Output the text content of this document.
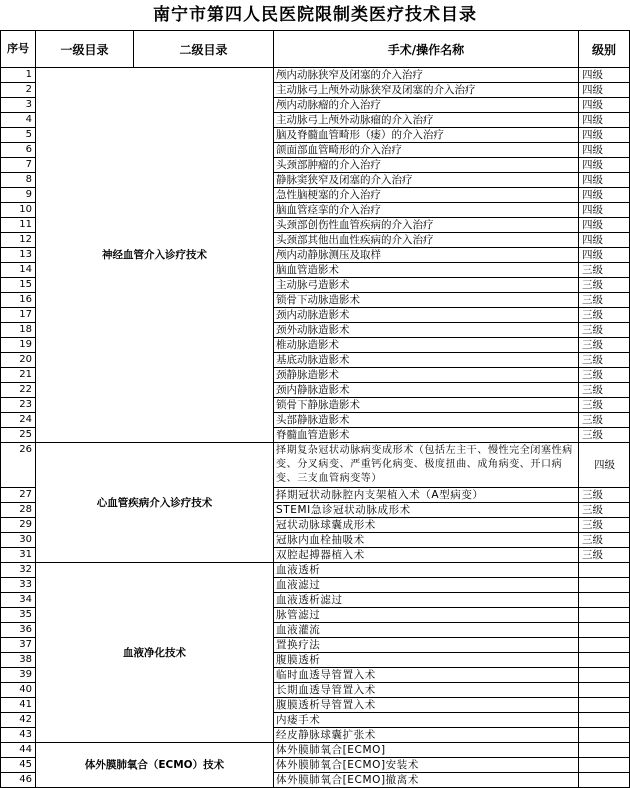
南宁市第四人民医院限制类医疗技术目录
序号	一级目录	二级目录	手术/操作名称	级别
1	神经血管介入诊疗技术		颅内动脉狭窄及闭塞的介入治疗	四级
2			主动脉弓上颅外动脉狭窄及闭塞的介入治疗	四级
3			颅内动脉瘤的介入治疗	四级
4			主动脉弓上颅外动脉瘤的介入治疗	四级
5			脑及脊髓血管畸形（瘘）的介入治疗	四级
6			颌面部血管畸形的介入治疗	四级
7			头颈部肿瘤的介入治疗	四级
8			静脉窦狭窄及闭塞的介入治疗	四级
9			急性脑梗塞的介入治疗	四级
10			脑血管痉挛的介入治疗	四级
11			头颈部创伤性血管疾病的介入治疗	四级
12			头颈部其他出血性疾病的介入治疗	四级
13			颅内动静脉测压及取样	四级
14			脑血管造影术	三级
15			主动脉弓造影术	三级
16			锁骨下动脉造影术	三级
17			颈内动脉造影术	三级
18			颈外动脉造影术	三级
19			椎动脉造影术	三级
20			基底动脉造影术	三级
21			颈静脉造影术	三级
22			颈内静脉造影术	三级
23			锁骨下静脉造影术	三级
24			头部静脉造影术	三级
25			脊髓血管造影术	三级
26	心血管疾病介入诊疗技术		择期复杂冠状动脉病变成形术（包括左主干、慢性完全闭塞性病变、分叉病变、严重钙化病变、极度扭曲、成角病变、开口病变、三支血管病变等）	四级
27			择期冠状动脉腔内支架植入术（A型病变）	三级
28			STEMI急诊冠状动脉成形术	三级
29			冠状动脉球囊成形术	三级
30			冠脉内血栓抽吸术	三级
31			双腔起搏器植入术	三级
32	血液净化技术		血液透析	
33			血液滤过	
34			血液透析滤过	
35			脉管滤过	
36			血液灌流	
37			置换疗法	
38			腹膜透析	
39			临时血透导管置入术	
40			长期血透导管置入术	
41			腹膜透析导管置入术	
42			内瘘手术	
43			经皮静脉球囊扩张术	
44	体外膜肺氧合（ECMO）技术		体外膜肺氧合[ECMO]	
45			体外膜肺氧合[ECMO]安装术	
46			体外膜肺氧合[ECMO]撤离术	
